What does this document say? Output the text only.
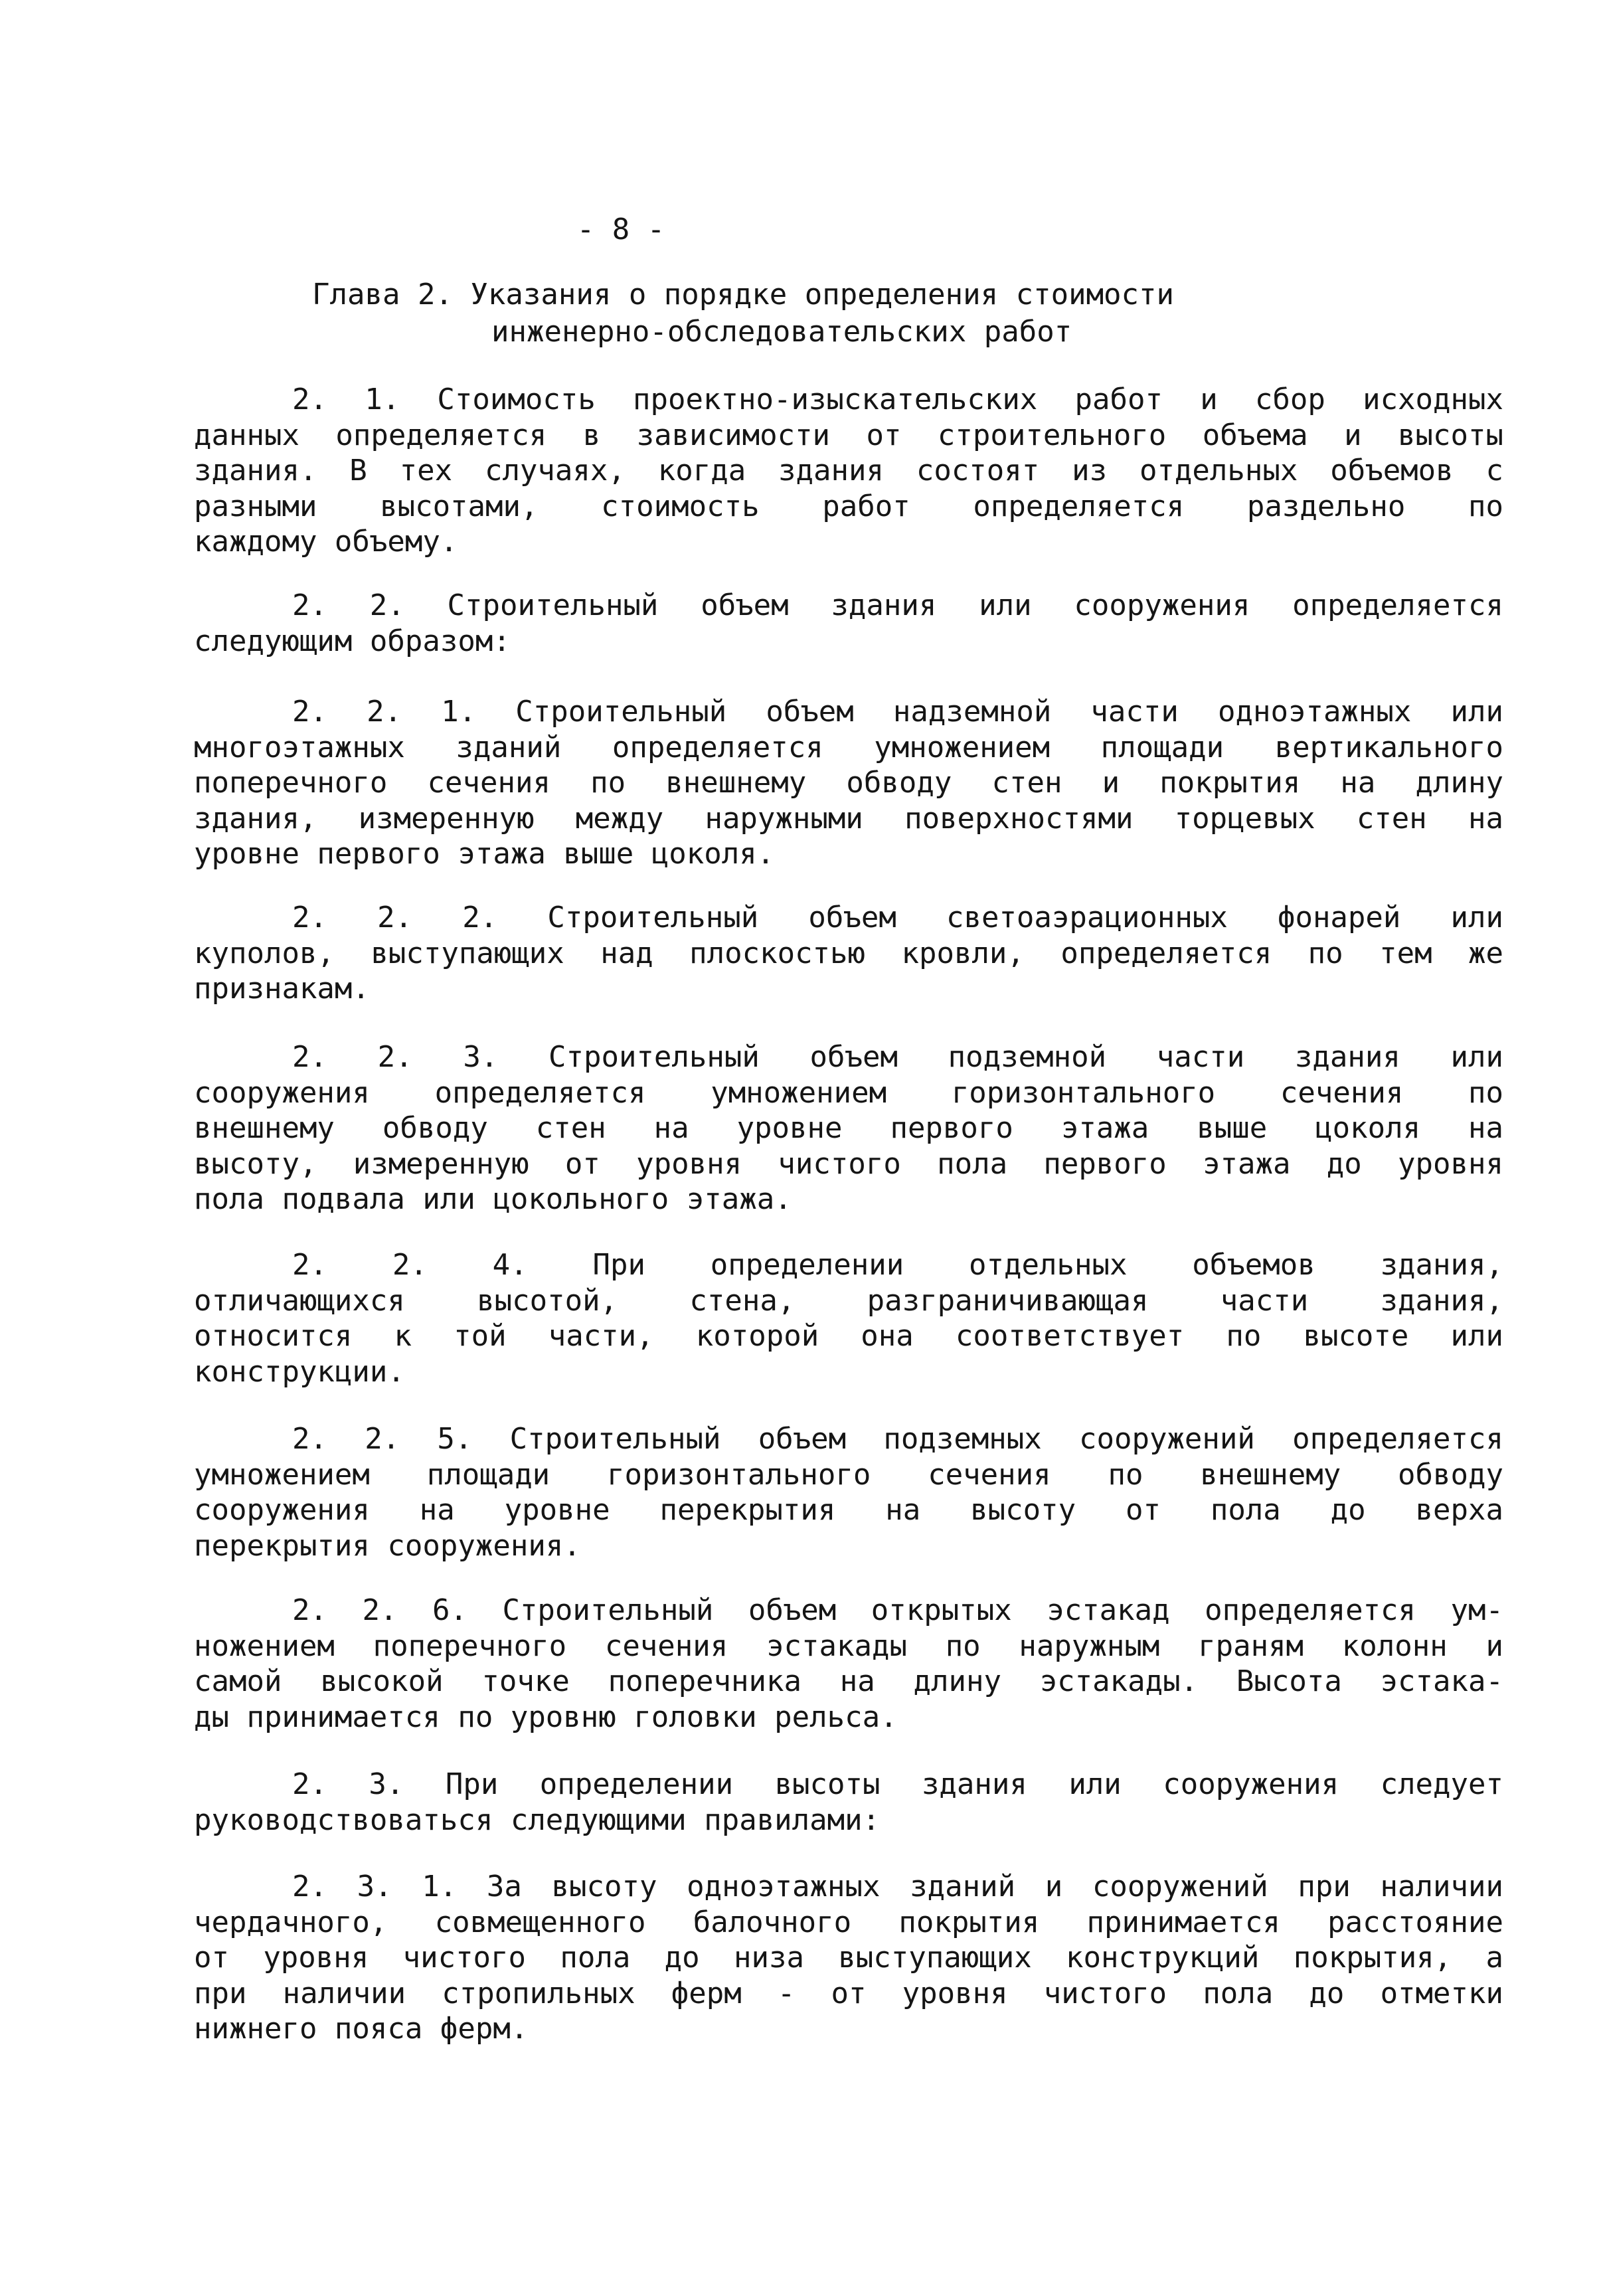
- 8 -
Глава 2. Указания о порядке определения стоимости
инженерно-обследовательских работ
2. 1. Стоимость проектно-изыскательских работ и сбор исходных
данных определяется в зависимости от строительного объема и высоты
здания. В тех случаях, когда здания состоят из отдельных объемов с
разными высотами, стоимость работ определяется раздельно по
каждому объему.
2. 2. Строительный объем здания или сооружения определяется
следующим образом:
2. 2. 1. Строительный объем надземной части одноэтажных или
многоэтажных зданий определяется умножением площади вертикального
поперечного сечения по внешнему обводу стен и покрытия на длину
здания, измеренную между наружными поверхностями торцевых стен на
уровне первого этажа выше цоколя.
2. 2. 2. Строительный объем светоаэрационных фонарей или
куполов, выступающих над плоскостью кровли, определяется по тем же
признакам.
2. 2. 3. Строительный объем подземной части здания или
сооружения определяется умножением горизонтального сечения по
внешнему обводу стен на уровне первого этажа выше цоколя на
высоту, измеренную от уровня чистого пола первого этажа до уровня
пола подвала или цокольного этажа.
2. 2. 4. При определении отдельных объемов здания,
отличающихся высотой, стена, разграничивающая части здания,
относится к той части, которой она соответствует по высоте или
конструкции.
2. 2. 5. Строительный объем подземных сооружений определяется
умножением площади горизонтального сечения по внешнему обводу
сооружения на уровне перекрытия на высоту от пола до верха
перекрытия сооружения.
2. 2. 6. Строительный объем открытых эстакад определяется ум-
ножением поперечного сечения эстакады по наружным граням колонн и
самой высокой точке поперечника на длину эстакады. Высота эстака-
ды принимается по уровню головки рельса.
2. 3. При определении высоты здания или сооружения следует
руководствоваться следующими правилами:
2. 3. 1. За высоту одноэтажных зданий и сооружений при наличии
чердачного, совмещенного балочного покрытия принимается расстояние
от уровня чистого пола до низа выступающих конструкций покрытия, а
при наличии стропильных ферм - от уровня чистого пола до отметки
нижнего пояса ферм.
